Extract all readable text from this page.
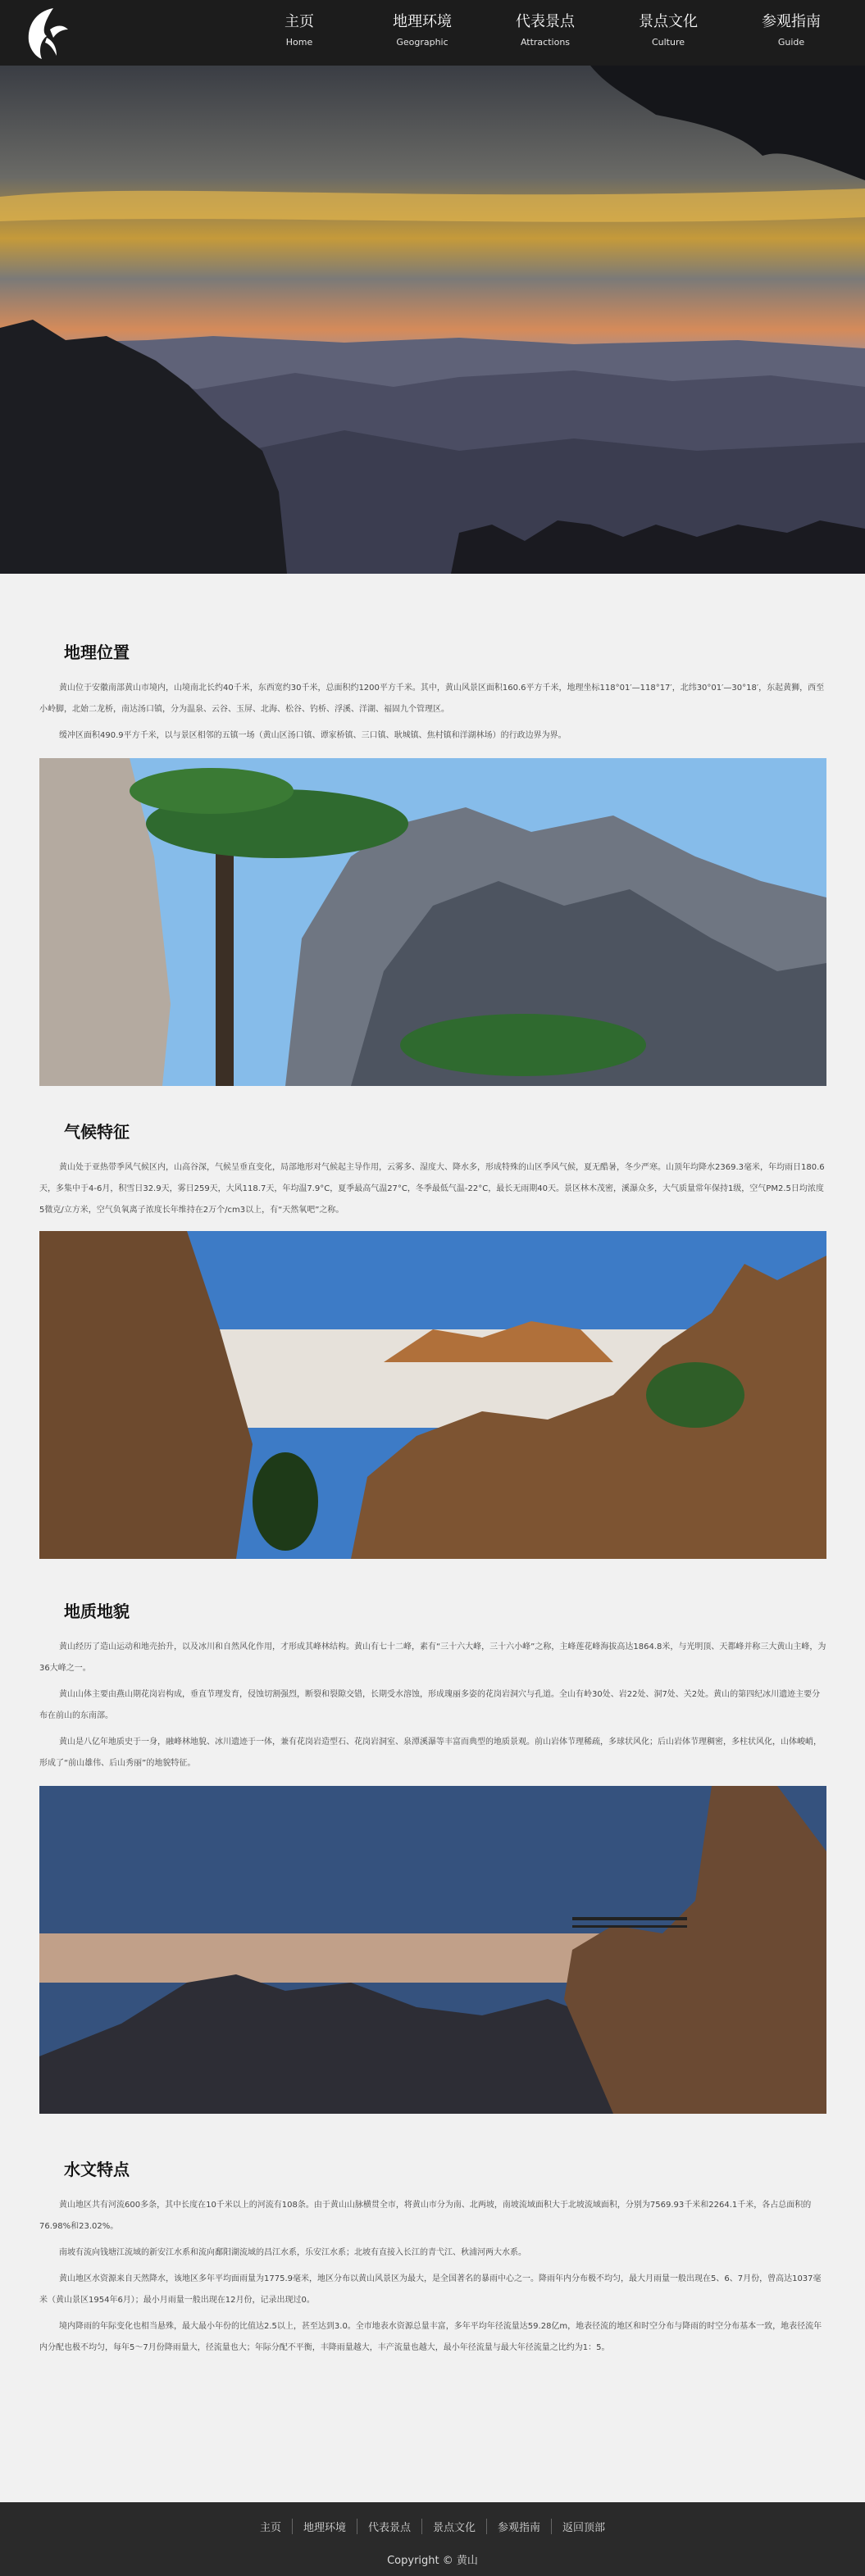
主页
Home
地理环境
Geographic
代表景点
Attractions
景点文化
Culture
参观指南
Guide
地理位置

黄山位于安徽南部黄山市境内，山境南北长约40千米，东西宽约30千米，总面积约1200平方千米。其中，黄山风景区面积160.6平方千米，地理坐标118°01′—118°17′，北纬30°01′—30°18′，东起黄狮，西至小岭脚，北始二龙桥，南达汤口镇，分为温泉、云谷、玉屏、北海、松谷、钓桥、浮溪、洋湖、福固九个管理区。

缓冲区面积490.9平方千米，以与景区相邻的五镇一场（黄山区汤口镇、谭家桥镇、三口镇、耿城镇、焦村镇和洋湖林场）的行政边界为界。

气候特征

黄山处于亚热带季风气候区内，山高谷深，气候呈垂直变化，局部地形对气候起主导作用，云雾多、湿度大、降水多，形成特殊的山区季风气候，夏无酷暑，冬少严寒。山顶年均降水2369.3毫米，年均雨日180.6天，多集中于4-6月，积雪日32.9天，雾日259天，大风118.7天，年均温7.9°C，夏季最高气温27°C，冬季最低气温-22°C，最长无雨期40天。景区林木茂密，溪瀑众多，大气质量常年保持1级，空气PM2.5日均浓度5微克/立方米，空气负氧离子浓度长年维持在2万个/cm3以上，有“天然氧吧”之称。

地质地貌

黄山经历了造山运动和地壳抬升，以及冰川和自然风化作用，才形成其峰林结构。黄山有七十二峰，素有“三十六大峰，三十六小峰”之称，主峰莲花峰海拔高达1864.8米，与光明顶、天都峰并称三大黄山主峰，为36大峰之一。

黄山山体主要由燕山期花岗岩构成，垂直节理发育，侵蚀切割强烈，断裂和裂隙交错，长期受水溶蚀，形成瑰丽多姿的花岗岩洞穴与孔道。全山有岭30处、岩22处、洞7处、关2处。黄山的第四纪冰川遗迹主要分布在前山的东南部。

黄山是八亿年地质史于一身，融峰林地貌、冰川遗迹于一体，兼有花岗岩造型石、花岗岩洞室、泉潭溪瀑等丰富而典型的地质景观。前山岩体节理稀疏，多球状风化；后山岩体节理稠密，多柱状风化，山体峻峭，形成了“前山雄伟、后山秀丽”的地貌特征。

水文特点

黄山地区共有河流600多条，其中长度在10千米以上的河流有108条。由于黄山山脉横贯全市，将黄山市分为南、北两坡，南坡流域面积大于北坡流域面积，分别为7569.93千米和2264.1千米，各占总面积的76.98%和23.02%。

南坡有流向钱塘江流域的新安江水系和流向鄱阳湖流域的昌江水系，乐安江水系；北坡有直接入长江的青弋江、秋浦河两大水系。

黄山地区水资源来自天然降水，该地区多年平均面雨量为1775.9毫米，地区分布以黄山风景区为最大，是全国著名的暴雨中心之一。降雨年内分布极不均匀，最大月雨量一般出现在5、6、7月份，曾高达1037毫米（黄山景区1954年6月）；最小月雨量一般出现在12月份，记录出现过0。

境内降雨的年际变化也相当悬殊，最大最小年份的比值达2.5以上，甚至达到3.0。全市地表水资源总量丰富，多年平均年径流量达59.28亿m，地表径流的地区和时空分布与降雨的时空分布基本一致，地表径流年内分配也极不均匀，每年5～7月份降雨量大，径流量也大；年际分配不平衡，丰降雨量越大，丰产流量也越大，最小年径流量与最大年径流量之比约为1：5。

主页 地理环境 代表景点 景点文化 参观指南 返回顶部
Copyright © 黄山
